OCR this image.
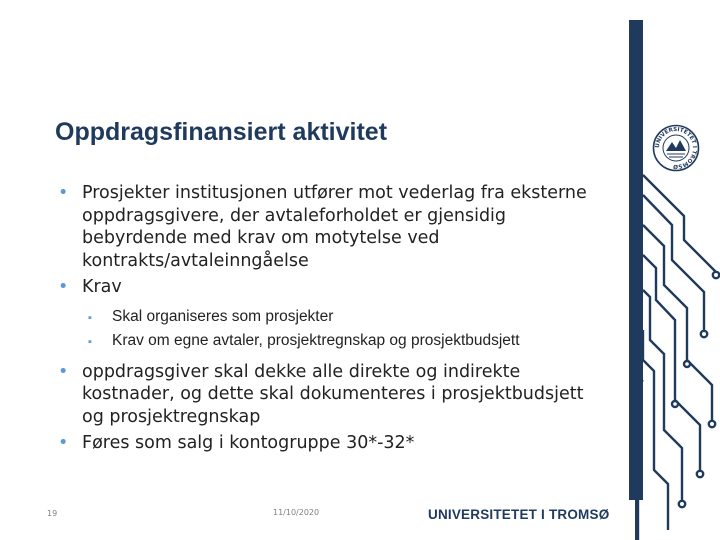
Oppdragsfinansiert aktivitet
• Prosjekter institusjonen utfører mot vederlag fra eksterne oppdragsgivere, der avtaleforholdet er gjensidig bebyrdende med krav om motytelse ved kontrakts/avtaleinngåelse
• Krav
▪ Skal organiseres som prosjekter
▪ Krav om egne avtaler, prosjektregnskap og prosjektbudsjett
• oppdragsgiver skal dekke alle direkte og indirekte kostnader, og dette skal dokumenteres i prosjektbudsjett og prosjektregnskap
• Føres som salg i kontogruppe 30*-32*
19	11/10/2020	UNIVERSITETET I TROMSØ
UNIVERSITETET I TROMSØ
